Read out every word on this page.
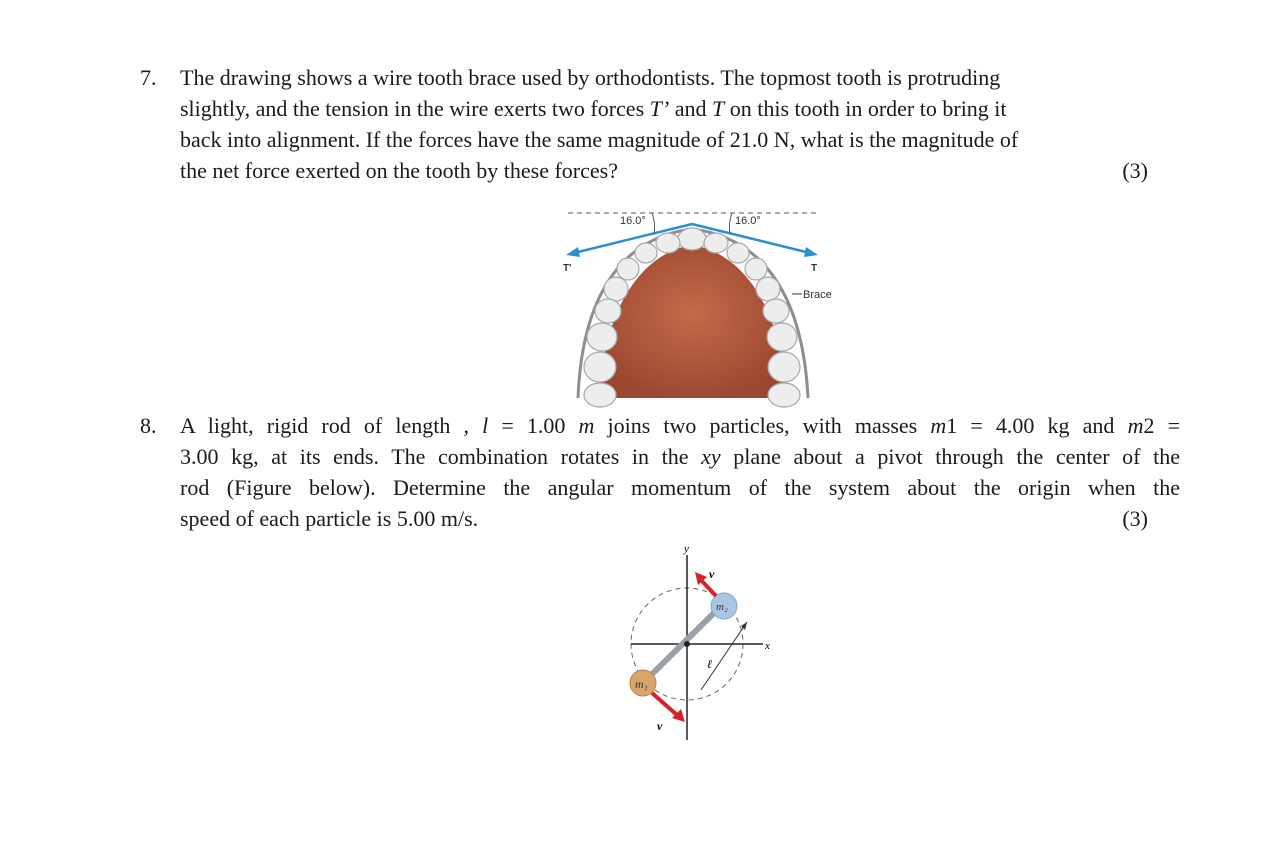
7. The drawing shows a wire tooth brace used by orthodontists. The topmost tooth is protruding
slightly, and the tension in the wire exerts two forces T’ and T on this tooth in order to bring it
back into alignment. If the forces have the same magnitude of 21.0 N, what is the magnitude of
the net force exerted on the tooth by these forces?	(3)
16.0°	16.0°
T'	T
Brace
8. A light, rigid rod of length , l = 1.00 m joins two particles, with masses m1 = 4.00 kg and m2 =
3.00 kg, at its ends. The combination rotates in the xy plane about a pivot through the center of the
rod (Figure below). Determine the angular momentum of the system about the origin when the
speed of each particle is 5.00 m/s.	(3)
y
x
ℓ
m₁
m₂
v
v
